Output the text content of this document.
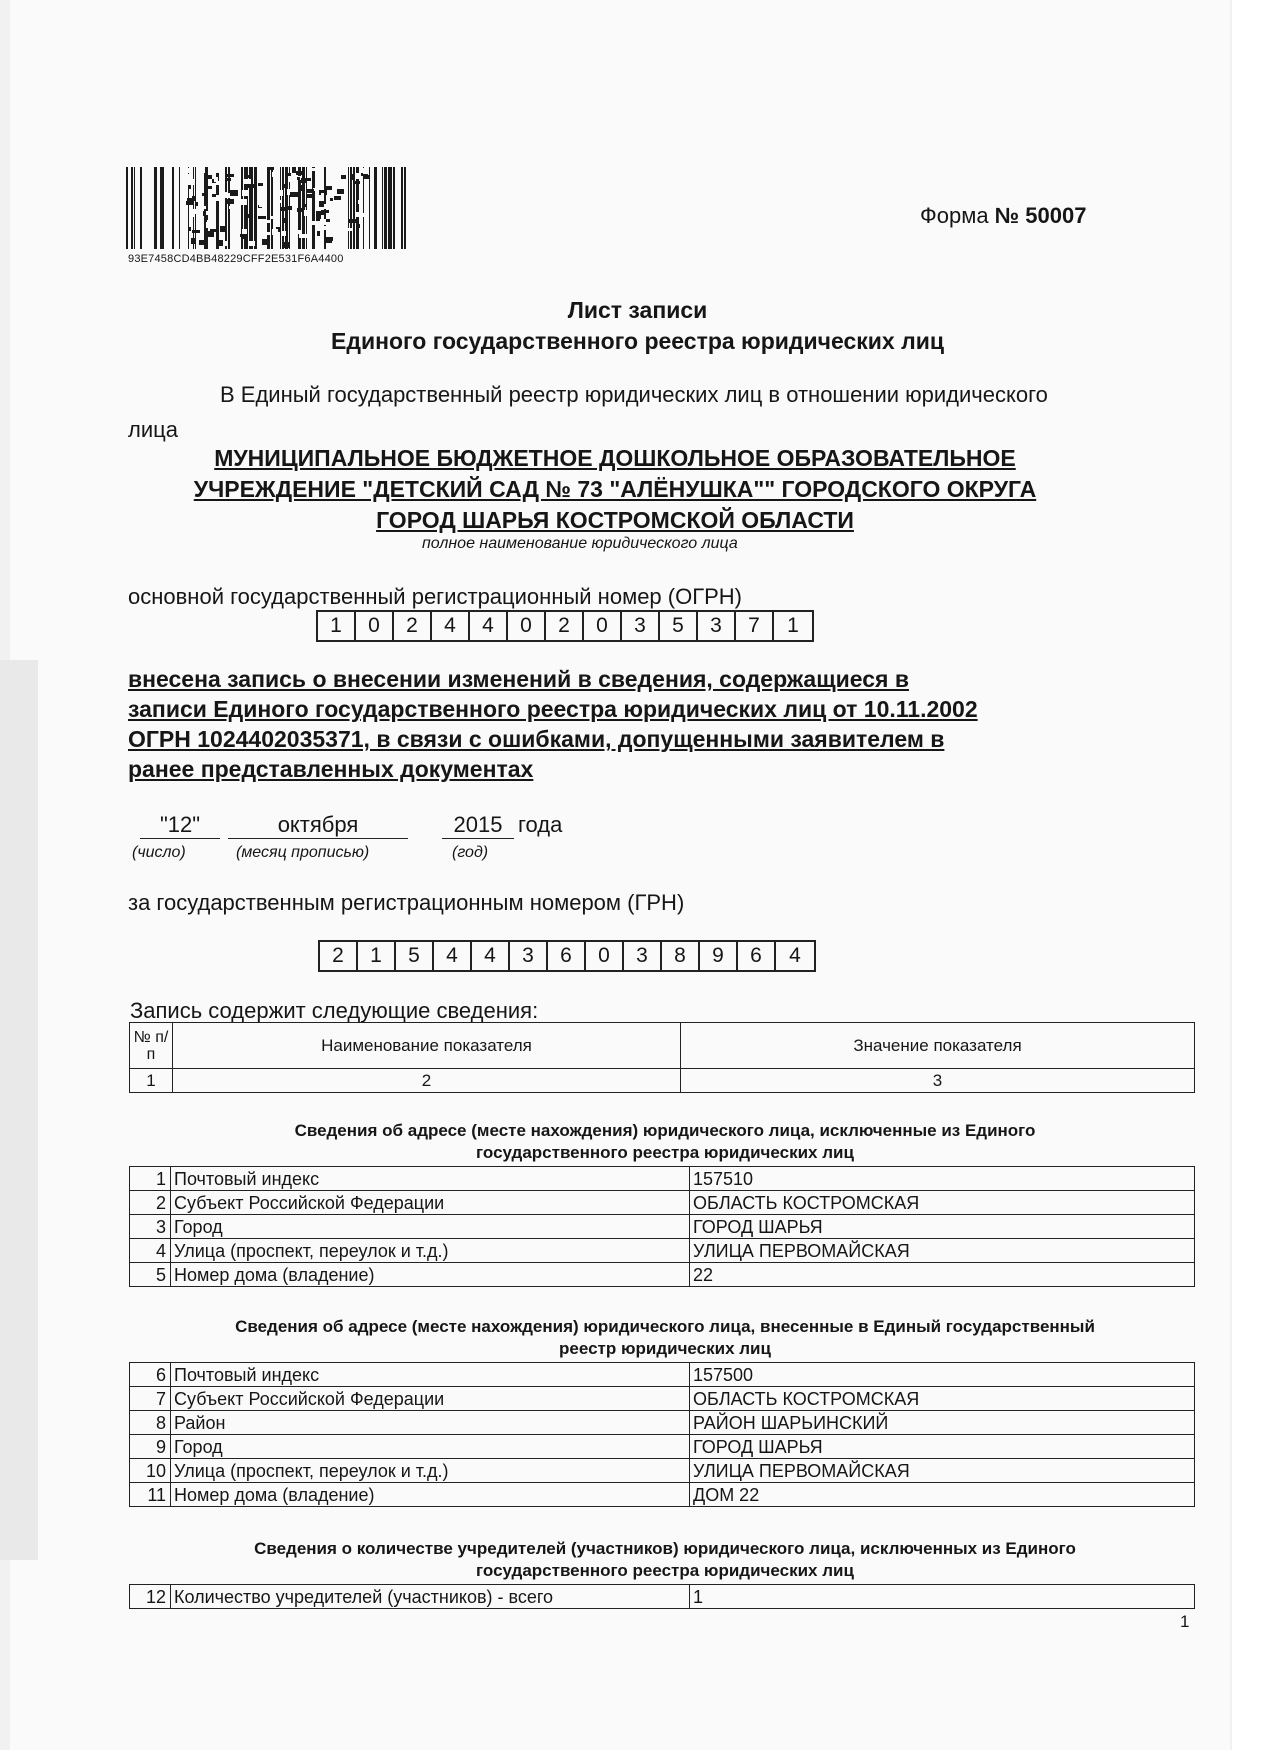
93E7458CD4BB48229CFF2E531F6A4400
Форма № 50007
Лист записи
Единого государственного реестра юридических лиц
В Единый государственный реестр юридических лиц в отношении юридического
лица
МУНИЦИПАЛЬНОЕ БЮДЖЕТНОЕ ДОШКОЛЬНОЕ ОБРАЗОВАТЕЛЬНОЕ
УЧРЕЖДЕНИЕ "ДЕТСКИЙ САД № 73 "АЛЁНУШКА"" ГОРОДСКОГО ОКРУГА
ГОРОД ШАРЬЯ КОСТРОМСКОЙ ОБЛАСТИ
полное наименование юридического лица
основной государственный регистрационный номер (ОГРН)
1	0	2	4	4	0	2	0	3	5	3	7	1
внесена запись о внесении изменений в сведения, содержащиеся в
записи Единого государственного реестра юридических лиц от 10.11.2002
ОГРН 1024402035371, в связи с ошибками, допущенными заявителем в
ранее представленных документах
"12"	октября	2015 года
(число)	(месяц прописью)	(год)
за государственным регистрационным номером (ГРН)
2	1	5	4	4	3	6	0	3	8	9	6	4
Запись содержит следующие сведения:
№ п/п	Наименование показателя	Значение показателя
1	2	3
Сведения об адресе (месте нахождения) юридического лица, исключенные из Единого
государственного реестра юридических лиц
1	Почтовый индекс	157510
2	Субъект Российской Федерации	ОБЛАСТЬ КОСТРОМСКАЯ
3	Город	ГОРОД ШАРЬЯ
4	Улица (проспект, переулок и т.д.)	УЛИЦА ПЕРВОМАЙСКАЯ
5	Номер дома (владение)	22
Сведения об адресе (месте нахождения) юридического лица, внесенные в Единый государственный
реестр юридических лиц
6	Почтовый индекс	157500
7	Субъект Российской Федерации	ОБЛАСТЬ КОСТРОМСКАЯ
8	Район	РАЙОН ШАРЬИНСКИЙ
9	Город	ГОРОД ШАРЬЯ
10	Улица (проспект, переулок и т.д.)	УЛИЦА ПЕРВОМАЙСКАЯ
11	Номер дома (владение)	ДОМ 22
Сведения о количестве учредителей (участников) юридического лица, исключенных из Единого
государственного реестра юридических лиц
12	Количество учредителей (участников) - всего	1
1
